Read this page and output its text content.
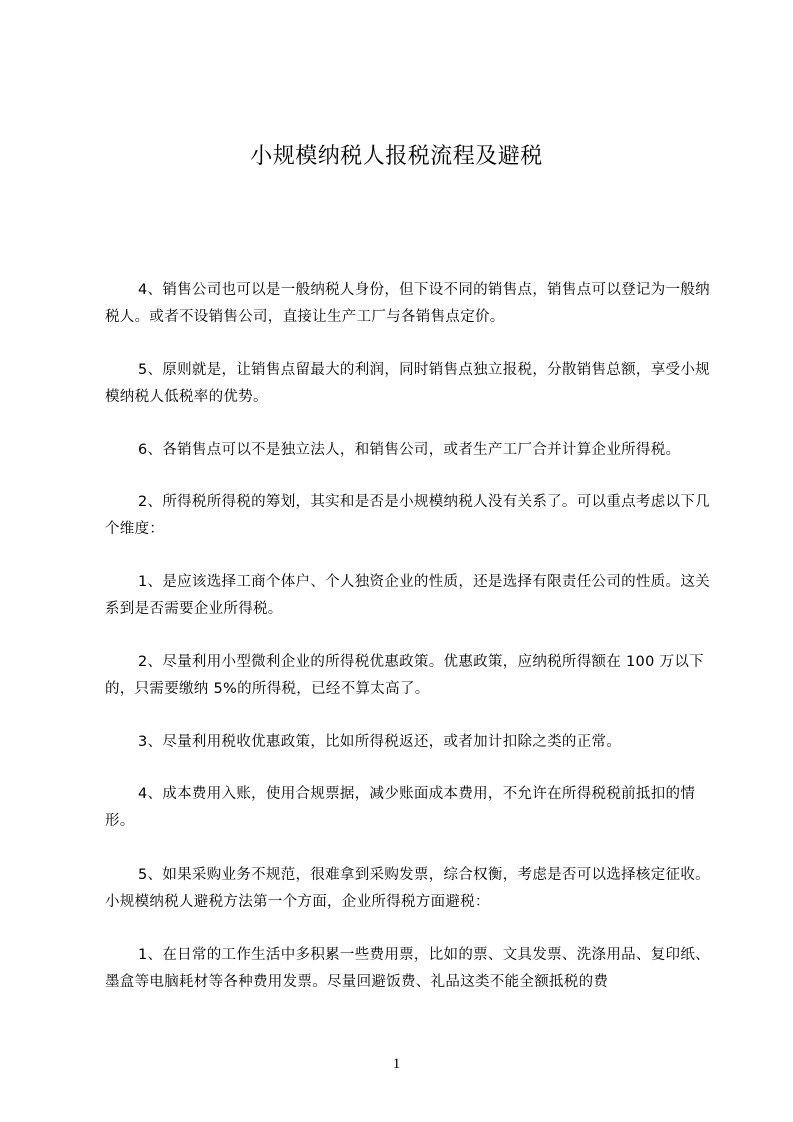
小规模纳税人报税流程及避税

4、销售公司也可以是一般纳税人身份，但下设不同的销售点，销售点可以登记为一般纳税人。或者不设销售公司，直接让生产工厂与各销售点定价。

5、原则就是，让销售点留最大的利润，同时销售点独立报税，分散销售总额，享受小规模纳税人低税率的优势。

6、各销售点可以不是独立法人，和销售公司，或者生产工厂合并计算企业所得税。

2、所得税所得税的筹划，其实和是否是小规模纳税人没有关系了。可以重点考虑以下几个维度：

1、是应该选择工商个体户、个人独资企业的性质，还是选择有限责任公司的性质。这关系到是否需要企业所得税。

2、尽量利用小型微利企业的所得税优惠政策。优惠政策，应纳税所得额在 100 万以下的，只需要缴纳 5%的所得税，已经不算太高了。

3、尽量利用税收优惠政策，比如所得税返还，或者加计扣除之类的正常。

4、成本费用入账，使用合规票据，减少账面成本费用，不允许在所得税税前抵扣的情形。

5、如果采购业务不规范，很难拿到采购发票，综合权衡，考虑是否可以选择核定征收。小规模纳税人避税方法第一个方面，企业所得税方面避税：

1、在日常的工作生活中多积累一些费用票，比如的票、文具发票、洗涤用品、复印纸、墨盒等电脑耗材等各种费用发票。尽量回避饭费、礼品这类不能全额抵税的费

1
